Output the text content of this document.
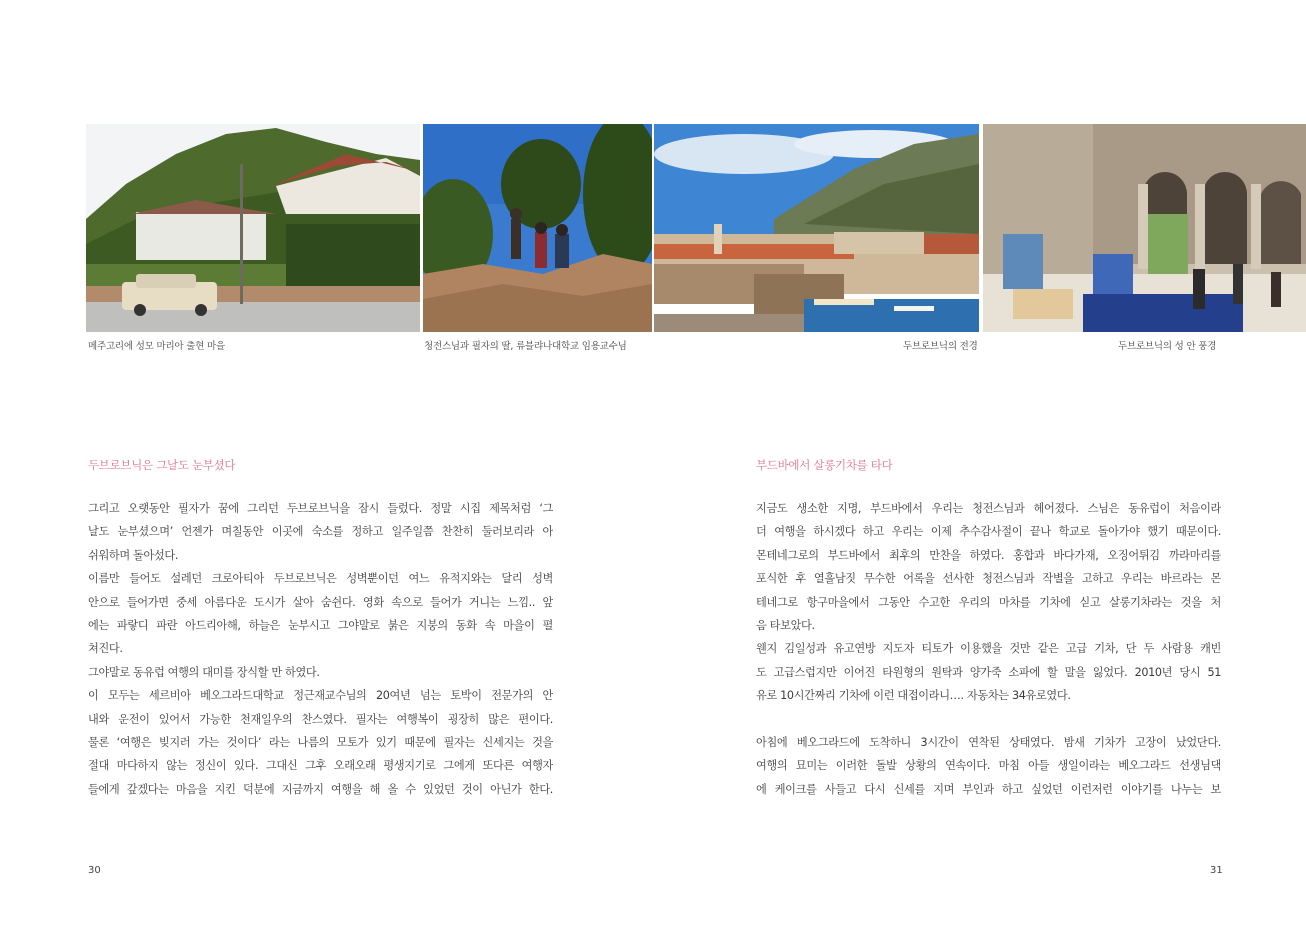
메주고리에 성모 마리아 출현 마을	청전스님과 필자의 딸, 류블랴나대학교 임용교수님	두브로브닉의 전경	두브로브닉의 성 안 풍경
두브로브닉은 그날도 눈부셨다
그리고 오랫동안 필자가 꿈에 그리던 두브로브닉을 잠시 들렀다. 정말 시집 제목처럼 ‘그
날도 눈부셨으며’ 언젠가 며칠동안 이곳에 숙소를 정하고 일주일쯤 찬찬히 둘러보리라 아
쉬워하며 돌아섰다.
이름만 들어도 설레던 크로아티아 두브로브닉은 성벽뿐이던 여느 유적지와는 달리 성벽
안으로 들어가면 중세 아름다운 도시가 살아 숨쉰다. 영화 속으로 들어가 거니는 느낌.. 앞
에는 파랗디 파란 아드리아해, 하늘은 눈부시고 그야말로 붉은 지붕의 동화 속 마을이 펼
쳐진다.
그야말로 동유럽 여행의 대미를 장식할 만 하였다.
이 모두는 세르비아 베오그라드대학교 정근재교수님의 20여년 넘는 토박이 전문가의 안
내와 운전이 있어서 가능한 천재일우의 찬스였다. 필자는 여행복이 굉장히 많은 편이다.
물론 ‘여행은 빚지러 가는 것이다’ 라는 나름의 모토가 있기 때문에 필자는 신세지는 것을
절대 마다하지 않는 정신이 있다. 그대신 그후 오래오래 평생지기로 그에게 또다른 여행자
들에게 갚겠다는 마음을 지킨 덕분에 지금까지 여행을 해 올 수 있었던 것이 아닌가 한다.
30
부드바에서 살롱기차를 타다
지금도 생소한 지명, 부드바에서 우리는 청전스님과 헤어졌다. 스님은 동유럽이 처음이라
더 여행을 하시겠다 하고 우리는 이제 추수감사절이 끝나 학교로 돌아가야 했기 때문이다.
몬테네그로의 부드바에서 최후의 만찬을 하였다. 홍합과 바다가재, 오징어튀김 까라마리를
포식한 후 열흘남짓 무수한 어록을 선사한 청전스님과 작별을 고하고 우리는 바르라는 몬
테네그로 항구마을에서 그동안 수고한 우리의 마차를 기차에 싣고 살롱기차라는 것을 처
음 타보았다.
웬지 김일성과 유고연방 지도자 티토가 이용했을 것만 같은 고급 기차, 단 두 사람용 캐빈
도 고급스럽지만 이어진 타원형의 원탁과 양가죽 소파에 할 말을 잃었다. 2010년 당시 51
유로 10시간짜리 기차에 이런 대접이라니…. 자동차는 34유로였다.
아침에 베오그라드에 도착하니 3시간이 연착된 상태였다. 밤새 기차가 고장이 났었단다.
여행의 묘미는 이러한 돌발 상황의 연속이다. 마침 아들 생일이라는 베오그라드 선생님댁
에 케이크를 사들고 다시 신세를 지며 부인과 하고 싶었던 이런저런 이야기를 나누는 보
31
